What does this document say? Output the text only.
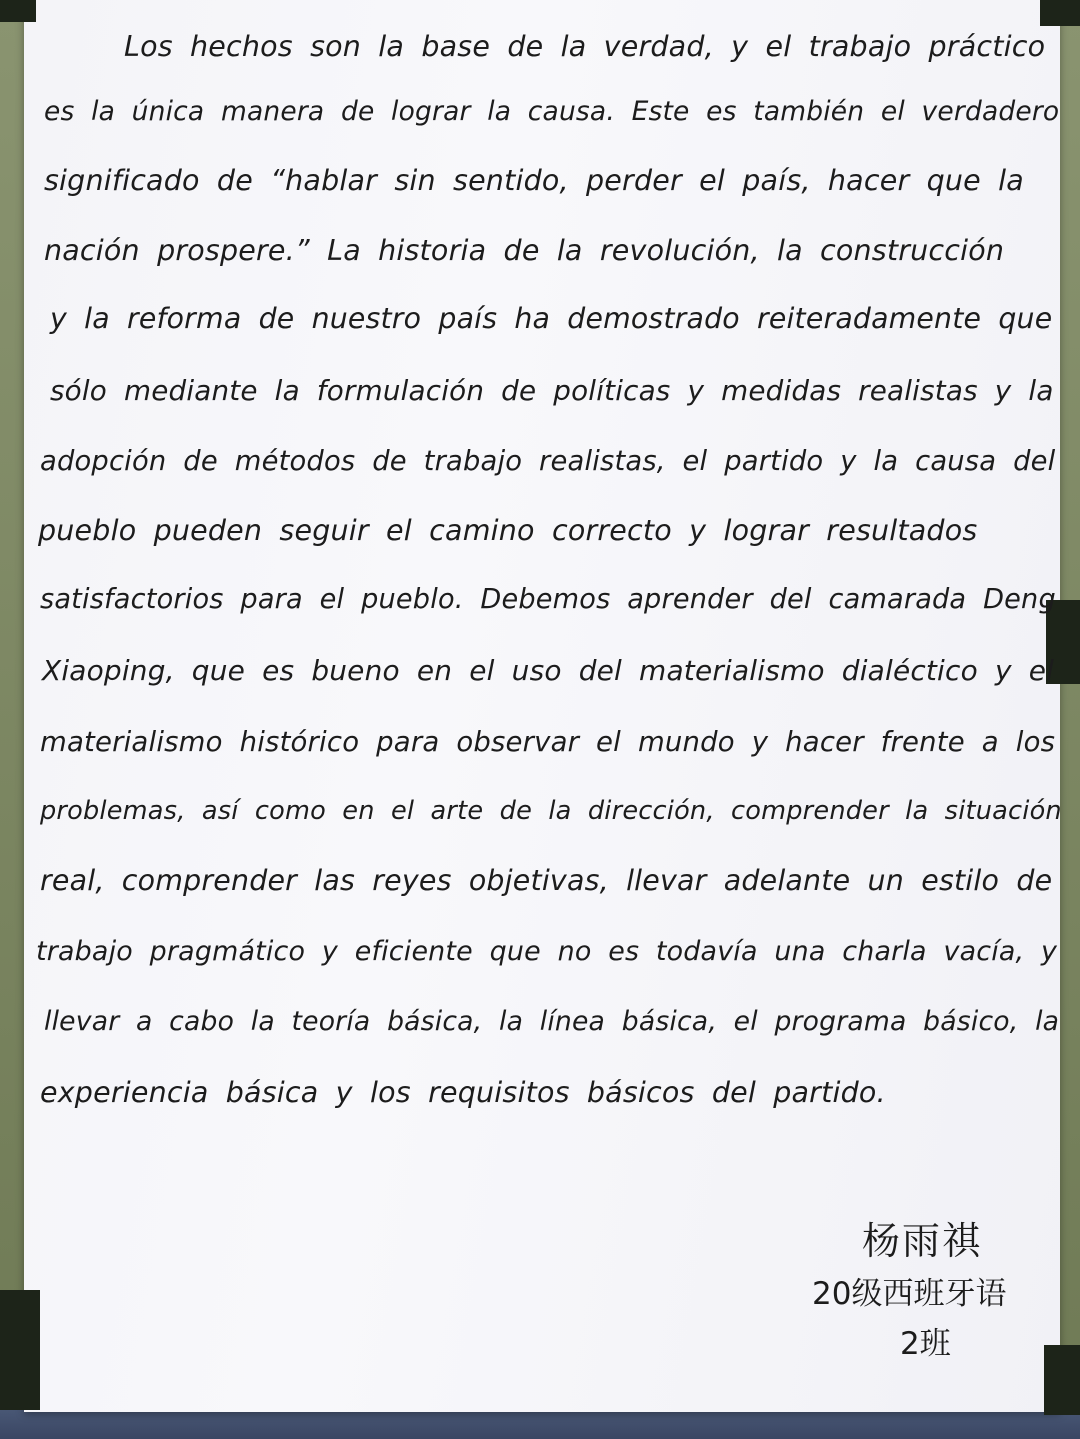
Los hechos son la base de la verdad, y el trabajo práctico
es la única manera de lograr la causa. Este es también el verdadero
significado de “hablar sin sentido, perder el país, hacer que la
nación prospere.” La historia de la revolución, la construcción
y la reforma de nuestro país ha demostrado reiteradamente que
sólo mediante la formulación de políticas y medidas realistas y la
adopción de métodos de trabajo realistas, el partido y la causa del
pueblo pueden seguir el camino correcto y lograr resultados
satisfactorios para el pueblo. Debemos aprender del camarada Deng
Xiaoping, que es bueno en el uso del materialismo dialéctico y el
materialismo histórico para observar el mundo y hacer frente a los
problemas, así como en el arte de la dirección, comprender la situación
real, comprender las reyes objetivas, llevar adelante un estilo de
trabajo pragmático y eficiente que no es todavía una charla vacía, y
llevar a cabo la teoría básica, la línea básica, el programa básico, la
experiencia básica y los requisitos básicos del partido.
杨雨祺
20级西班牙语
2班
